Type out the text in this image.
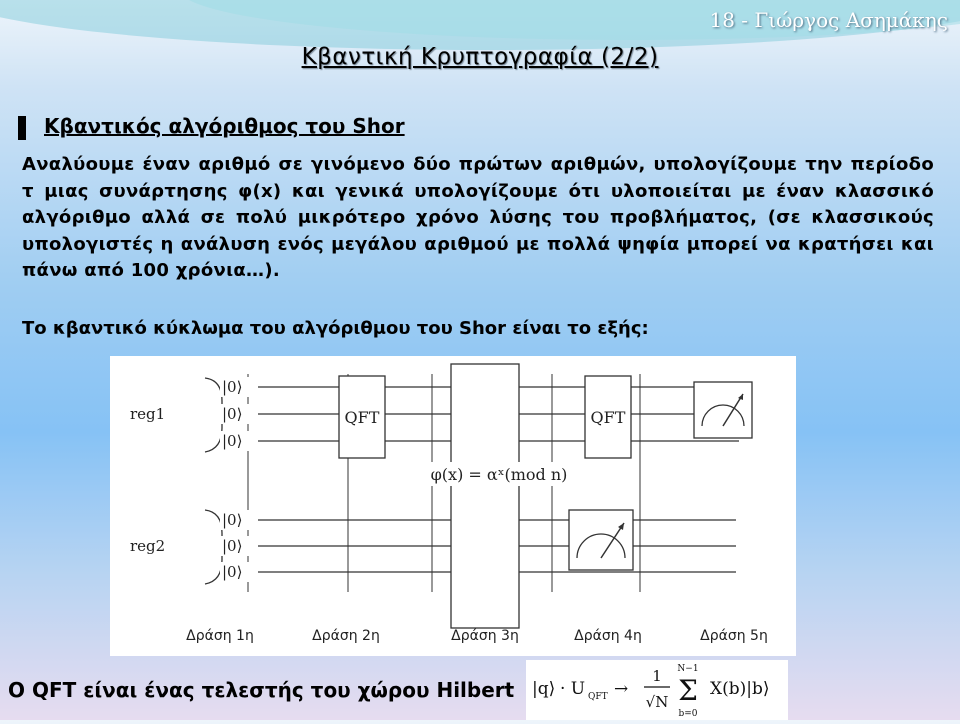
18 - Γιώργος Ασημάκης
Κβαντική Κρυπτογραφία (2/2)
Κβαντικός αλγόριθμος του Shor
Αναλύουμε έναν αριθμό σε γινόμενο δύο πρώτων αριθμών, υπολογίζουμε την περίοδο τ μιας συνάρτησης φ(x) και γενικά υπολογίζουμε ότι υλοποιείται με έναν κλασσικό αλγόριθμο αλλά σε πολύ μικρότερο χρόνο λύσης του προβλήματος, (σε κλασσικούς υπολογιστές η ανάλυση ενός μεγάλου αριθμού με πολλά ψηφία μπορεί να κρατήσει και πάνω από 100 χρόνια…).
Το κβαντικό κύκλωμα του αλγόριθμου του Shor είναι το εξής:
QFT
φ(x) = αˣ(mod n)
QFT
reg1
reg2
|0⟩
|0⟩
|0⟩
|0⟩
|0⟩
|0⟩
Δράση 1η	Δράση 2η	Δράση 3η	Δράση 4η	Δράση 5η
Ο QFT είναι ένας τελεστής του χώρου Hilbert |q⟩ · U QFT →
1
√N
N−1
Σ
b=0
X(b)|b⟩
